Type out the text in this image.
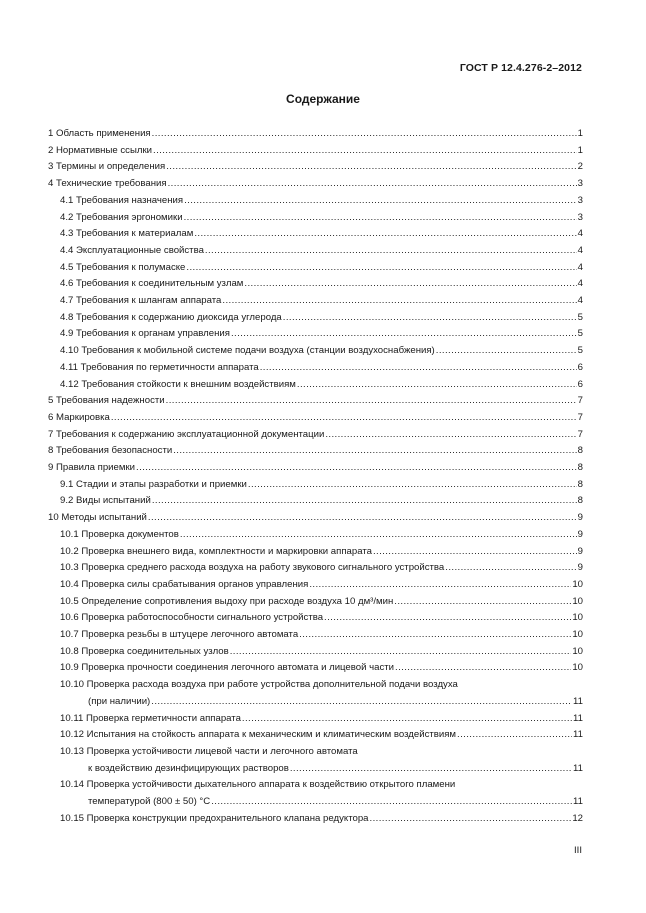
ГОСТ Р 12.4.276-2–2012
Содержание
1 Область применения .....	1
2 Нормативные ссылки .....	1
3 Термины и определения .....	2
4 Технические требования .....	3
4.1 Требования назначения .....	3
4.2 Требования эргономики .....	3
4.3 Требования к материалам .....	4
4.4 Эксплуатационные свойства .....	4
4.5 Требования к полумаске .....	4
4.6 Требования к соединительным узлам .....	4
4.7 Требования к шлангам аппарата .....	4
4.8 Требования к содержанию диоксида углерода .....	5
4.9 Требования к органам управления .....	5
4.10 Требования к мобильной системе подачи воздуха (станции воздухоснабжения) .....	5
4.11 Требования по герметичности аппарата .....	6
4.12 Требования стойкости к внешним воздействиям .....	6
5 Требования надежности .....	7
6 Маркировка .....	7
7 Требования к содержанию эксплуатационной документации .....	7
8 Требования безопасности .....	8
9 Правила приемки .....	8
9.1 Стадии и этапы разработки и приемки .....	8
9.2 Виды испытаний .....	8
10 Методы испытаний .....	9
10.1 Проверка документов .....	9
10.2 Проверка внешнего вида, комплектности и маркировки аппарата .....	9
10.3 Проверка среднего расхода воздуха на работу звукового сигнального устройства .....	9
10.4 Проверка силы срабатывания органов управления .....	10
10.5 Определение сопротивления выдоху при расходе воздуха 10 дм³/мин .....	10
10.6 Проверка работоспособности сигнального устройства .....	10
10.7 Проверка резьбы в штуцере легочного автомата .....	10
10.8 Проверка соединительных узлов .....	10
10.9 Проверка прочности соединения легочного автомата и лицевой части .....	10
10.10 Проверка расхода воздуха при работе устройства дополнительной подачи воздуха
(при наличии) .....	11
10.11 Проверка герметичности аппарата .....	11
10.12 Испытания на стойкость аппарата к механическим и климатическим воздействиям .....	11
10.13 Проверка устойчивости лицевой части и легочного автомата
к воздействию дезинфицирующих растворов .....	11
10.14 Проверка устойчивости дыхательного аппарата к воздействию открытого пламени
температурой (800 ± 50) °С .....	11
10.15 Проверка конструкции предохранительного клапана редуктора .....	12
III
